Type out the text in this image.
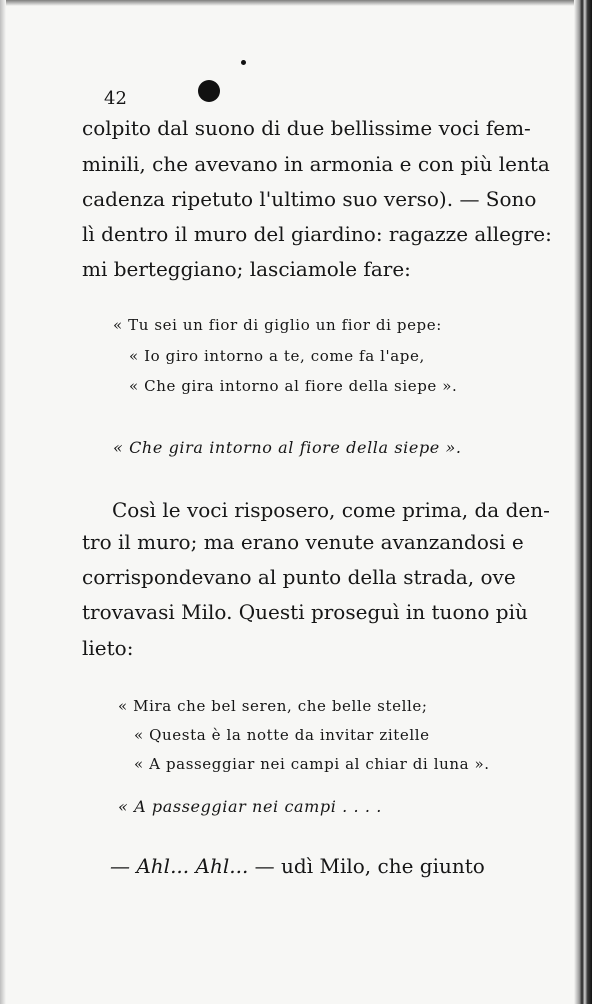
42
colpito dal suono di due bellissime voci fem-
minili, che avevano in armonia e con più lenta
cadenza ripetuto l'ultimo suo verso). — Sono
lì dentro il muro del giardino: ragazze allegre:
mi berteggiano; lasciamole fare:
« Tu sei un fior di giglio un fior di pepe:
« Io giro intorno a te, come fa l'ape,
« Che gira intorno al fiore della siepe ».
« Che gira intorno al fiore della siepe ».
Così le voci risposero, come prima, da den-
tro il muro; ma erano venute avanzandosi e
corrispondevano al punto della strada, ove
trovavasi Milo. Questi proseguì in tuono più
lieto:
« Mira che bel seren, che belle stelle;
« Questa è la notte da invitar zitelle
« A passeggiar nei campi al chiar di luna ».
« A passeggiar nei campi . . . .
— Ahl... Ahl... — udì Milo, che giunto
